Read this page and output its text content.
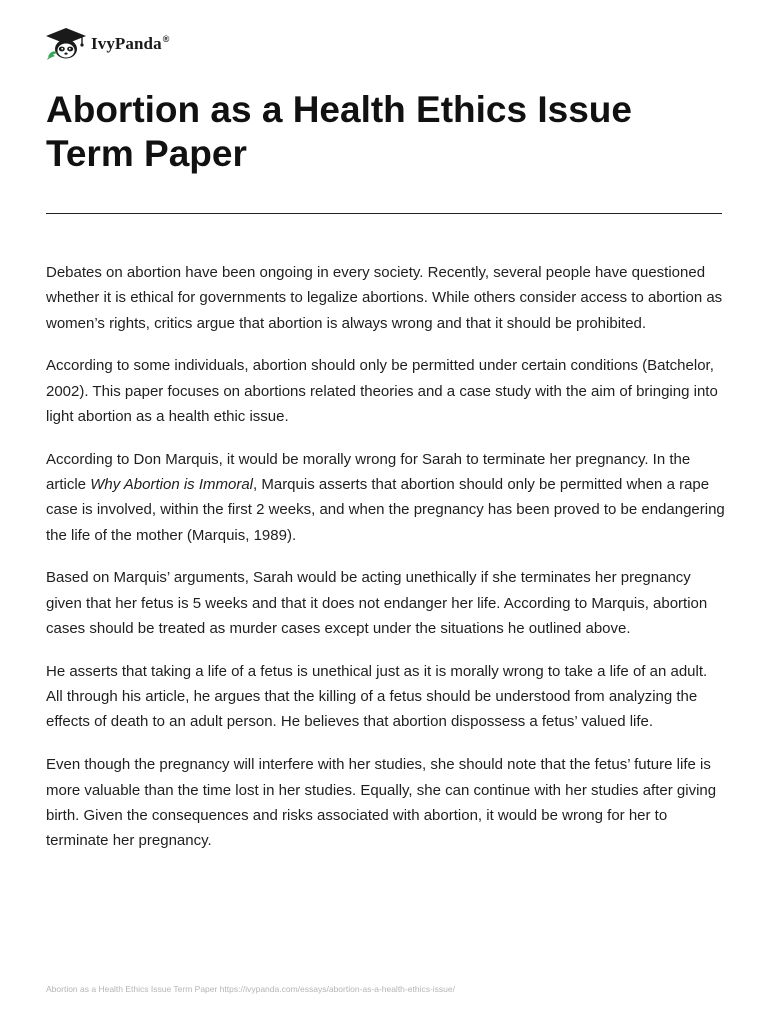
IvyPanda®
Abortion as a Health Ethics Issue Term Paper

Debates on abortion have been ongoing in every society. Recently, several people have questioned whether it is ethical for governments to legalize abortions. While others consider access to abortion as women’s rights, critics argue that abortion is always wrong and that it should be prohibited.

According to some individuals, abortion should only be permitted under certain conditions (Batchelor, 2002). This paper focuses on abortions related theories and a case study with the aim of bringing into light abortion as a health ethic issue.

According to Don Marquis, it would be morally wrong for Sarah to terminate her pregnancy. In the article Why Abortion is Immoral, Marquis asserts that abortion should only be permitted when a rape case is involved, within the first 2 weeks, and when the pregnancy has been proved to be endangering the life of the mother (Marquis, 1989).

Based on Marquis’ arguments, Sarah would be acting unethically if she terminates her pregnancy given that her fetus is 5 weeks and that it does not endanger her life. According to Marquis, abortion cases should be treated as murder cases except under the situations he outlined above.

He asserts that taking a life of a fetus is unethical just as it is morally wrong to take a life of an adult. All through his article, he argues that the killing of a fetus should be understood from analyzing the effects of death to an adult person. He believes that abortion dispossess a fetus’ valued life.

Even though the pregnancy will interfere with her studies, she should note that the fetus’ future life is more valuable than the time lost in her studies. Equally, she can continue with her studies after giving birth. Given the consequences and risks associated with abortion, it would be wrong for her to terminate her pregnancy.

Abortion as a Health Ethics Issue Term Paper https://ivypanda.com/essays/abortion-as-a-health-ethics-issue/
